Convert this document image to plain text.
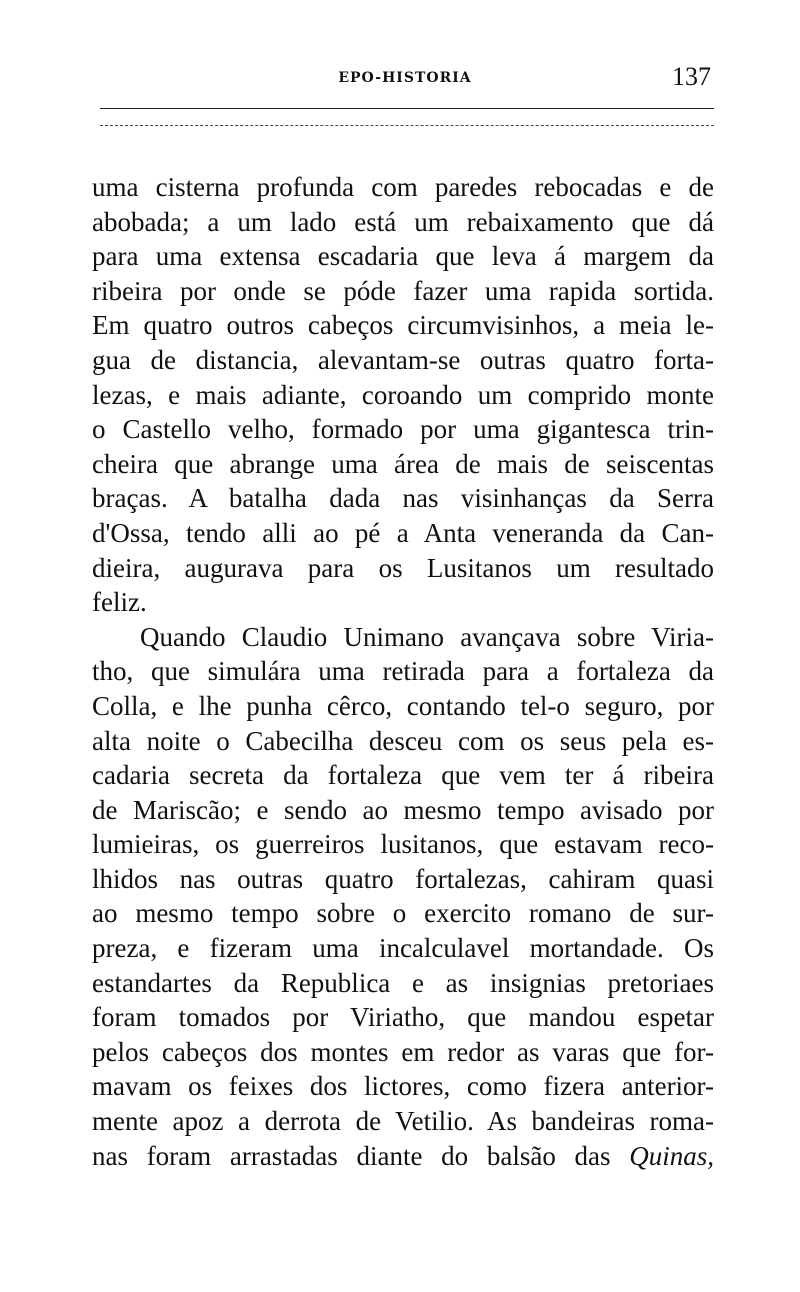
EPO-HISTORIA	137
uma cisterna profunda com paredes rebocadas e de
abobada; a um lado está um rebaixamento que dá
para uma extensa escadaria que leva á margem da
ribeira por onde se póde fazer uma rapida sortida.
Em quatro outros cabeços circumvisinhos, a meia le-
gua de distancia, alevantam-se outras quatro forta-
lezas, e mais adiante, coroando um comprido monte
o Castello velho, formado por uma gigantesca trin-
cheira que abrange uma área de mais de seiscentas
braças. A batalha dada nas visinhanças da Serra
d'Ossa, tendo alli ao pé a Anta veneranda da Can-
dieira, augurava para os Lusitanos um resultado
feliz.
Quando Claudio Unimano avançava sobre Viria-
tho, que simulára uma retirada para a fortaleza da
Colla, e lhe punha cêrco, contando tel-o seguro, por
alta noite o Cabecilha desceu com os seus pela es-
cadaria secreta da fortaleza que vem ter á ribeira
de Mariscão; e sendo ao mesmo tempo avisado por
lumieiras, os guerreiros lusitanos, que estavam reco-
lhidos nas outras quatro fortalezas, cahiram quasi
ao mesmo tempo sobre o exercito romano de sur-
preza, e fizeram uma incalculavel mortandade. Os
estandartes da Republica e as insignias pretoriaes
foram tomados por Viriatho, que mandou espetar
pelos cabeços dos montes em redor as varas que for-
mavam os feixes dos lictores, como fizera anterior-
mente apoz a derrota de Vetilio. As bandeiras roma-
nas foram arrastadas diante do balsão das Quinas,
